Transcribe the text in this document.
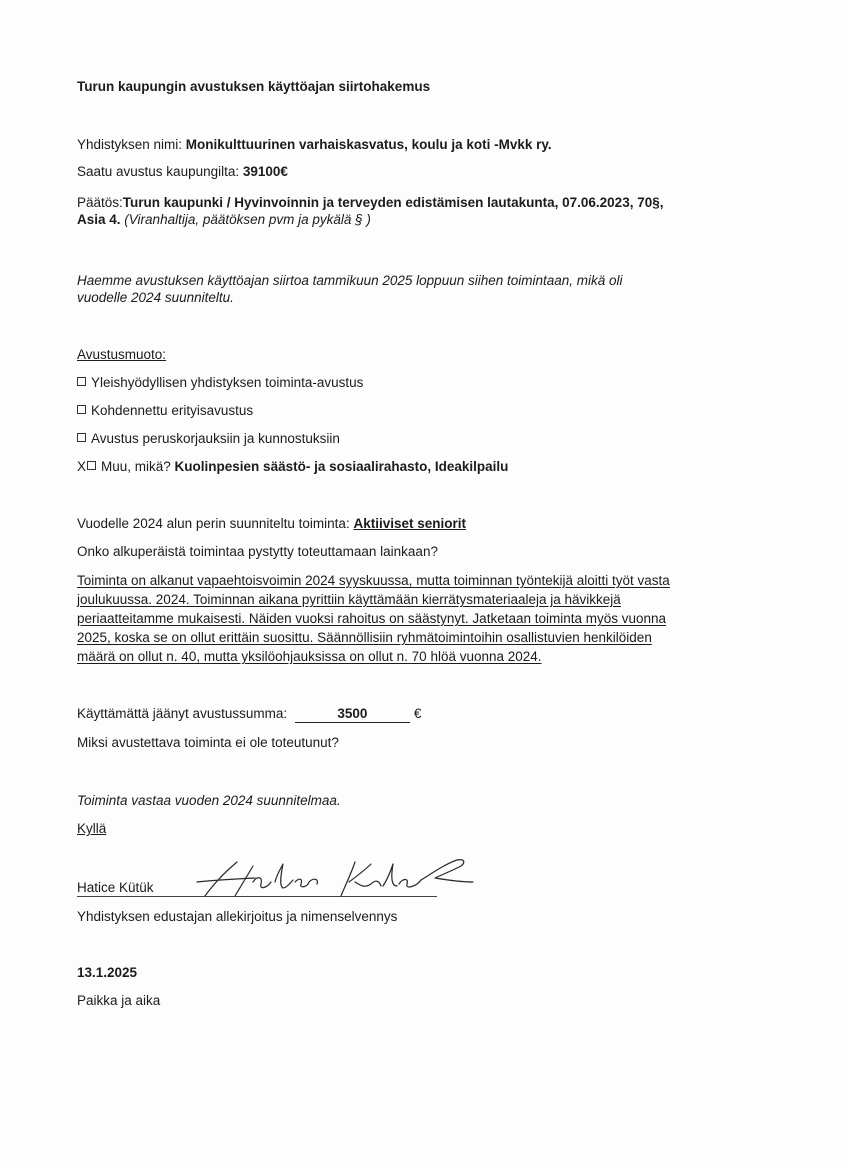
Turun kaupungin avustuksen käyttöajan siirtohakemus
Yhdistyksen nimi: Monikulttuurinen varhaiskasvatus, koulu ja koti -Mvkk ry.
Saatu avustus kaupungilta: 39100€
Päätös:Turun kaupunki / Hyvinvoinnin ja terveyden edistämisen lautakunta, 07.06.2023, 70§,
Asia 4. (Viranhaltija, päätöksen pvm ja pykälä § )
Haemme avustuksen käyttöajan siirtoa tammikuun 2025 loppuun siihen toimintaan, mikä oli
vuodelle 2024 suunniteltu.
Avustusmuoto:
Yleishyödyllisen yhdistyksen toiminta-avustus
Kohdennettu erityisavustus
Avustus peruskorjauksiin ja kunnostuksiin
X Muu, mikä? Kuolinpesien säästö- ja sosiaalirahasto, Ideakilpailu
Vuodelle 2024 alun perin suunniteltu toiminta: Aktiiviset seniorit
Onko alkuperäistä toimintaa pystytty toteuttamaan lainkaan?
Toiminta on alkanut vapaehtoisvoimin 2024 syyskuussa, mutta toiminnan työntekijä aloitti työt vasta
joulukuussa. 2024. Toiminnan aikana pyrittiin käyttämään kierrätysmateriaaleja ja hävikkejä
periaatteitamme mukaisesti. Näiden vuoksi rahoitus on säästynyt. Jatketaan toiminta myös vuonna
2025, koska se on ollut erittäin suosittu. Säännöllisiin ryhmätoimintoihin osallistuvien henkilöiden
määrä on ollut n. 40, mutta yksilöohjauksissa on ollut n. 70 hlöä vuonna 2024.
Käyttämättä jäänyt avustussumma:	3500	€
Miksi avustettava toiminta ei ole toteutunut?
Toiminta vastaa vuoden 2024 suunnitelmaa.
Kyllä
Hatice Kütük
Yhdistyksen edustajan allekirjoitus ja nimenselvennys
13.1.2025
Paikka ja aika
